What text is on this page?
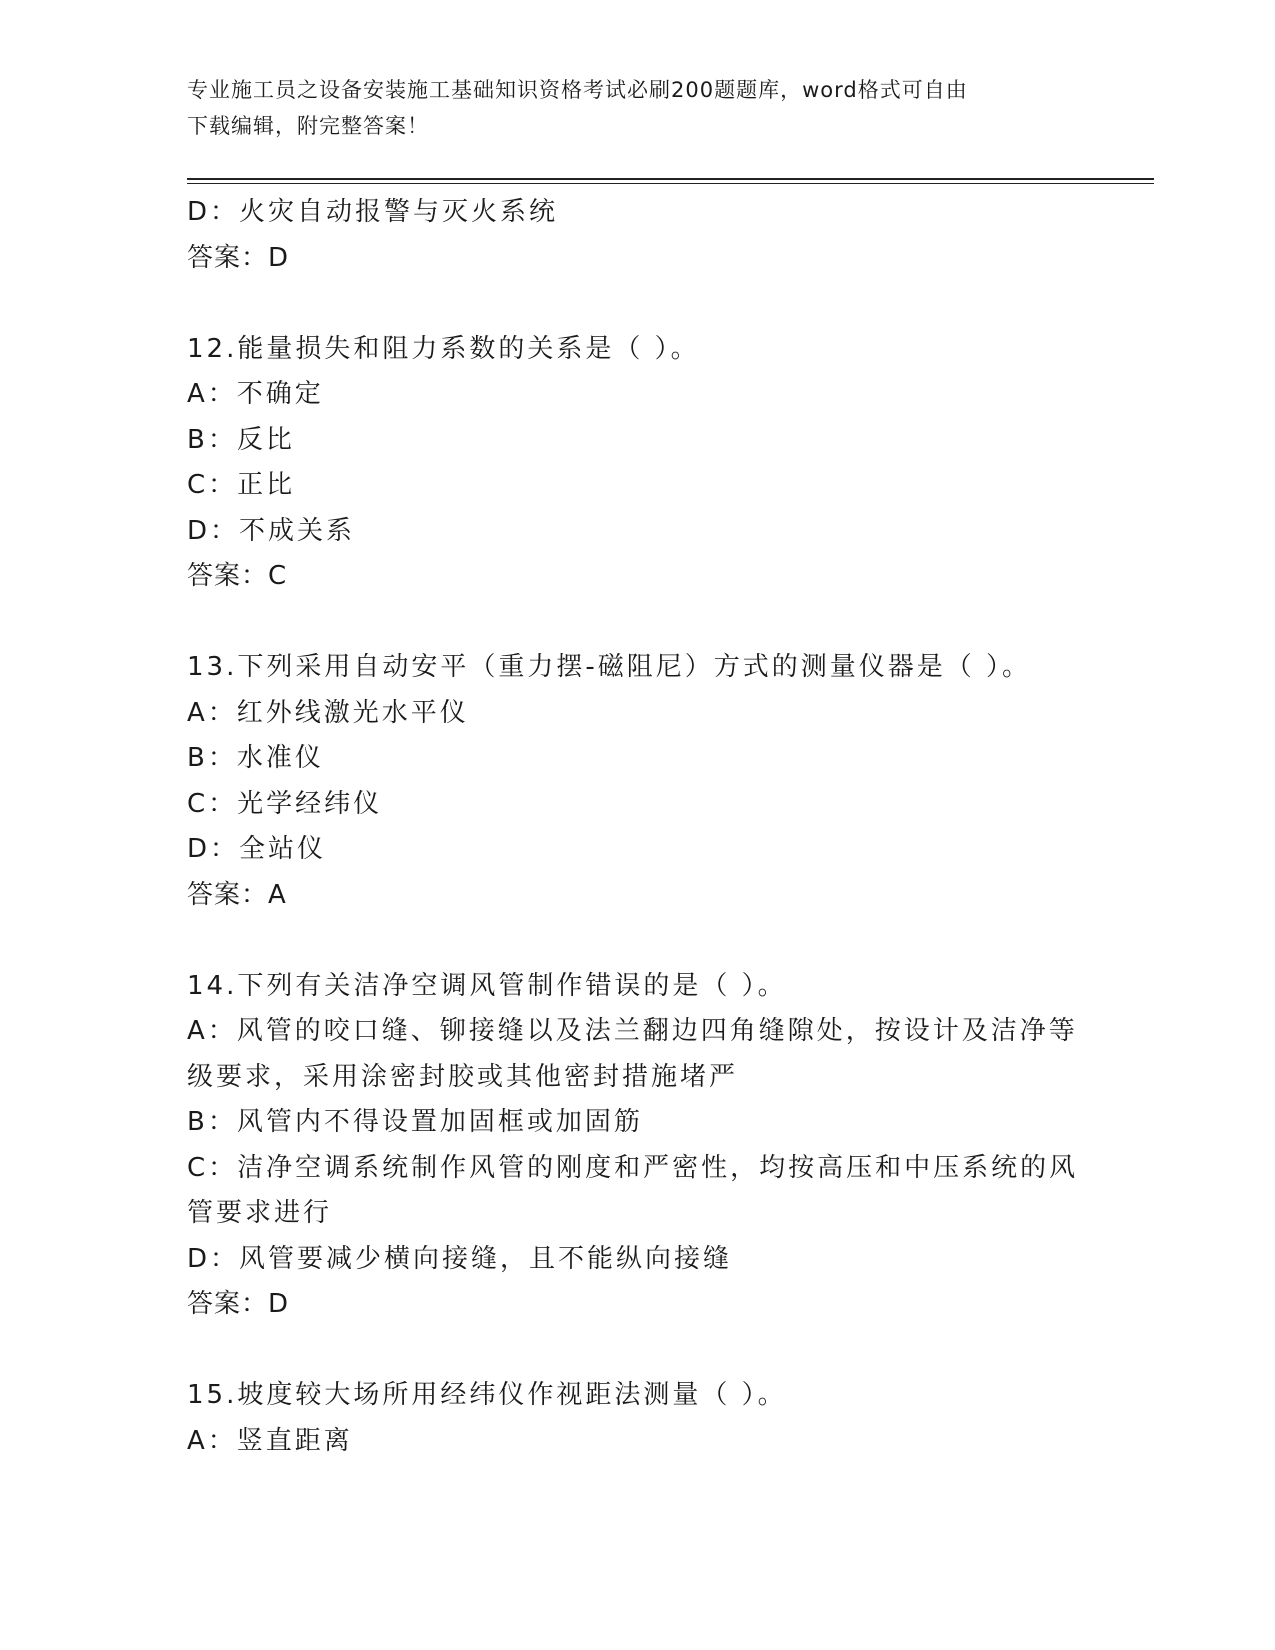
专业施工员之设备安装施工基础知识资格考试必刷200题题库，word格式可自由
下载编辑，附完整答案！
D：火灾自动报警与灭火系统
答案：D
12.能量损失和阻力系数的关系是（ ）。
A：不确定
B：反比
C：正比
D：不成关系
答案：C
13.下列采用自动安平（重力摆-磁阻尼）方式的测量仪器是（ ）。
A：红外线激光水平仪
B：水准仪
C：光学经纬仪
D：全站仪
答案：A
14.下列有关洁净空调风管制作错误的是（ ）。
A：风管的咬口缝、铆接缝以及法兰翻边四角缝隙处，按设计及洁净等
级要求，采用涂密封胶或其他密封措施堵严
B：风管内不得设置加固框或加固筋
C：洁净空调系统制作风管的刚度和严密性，均按高压和中压系统的风
管要求进行
D：风管要减少横向接缝，且不能纵向接缝
答案：D
15.坡度较大场所用经纬仪作视距法测量（ ）。
A：竖直距离
